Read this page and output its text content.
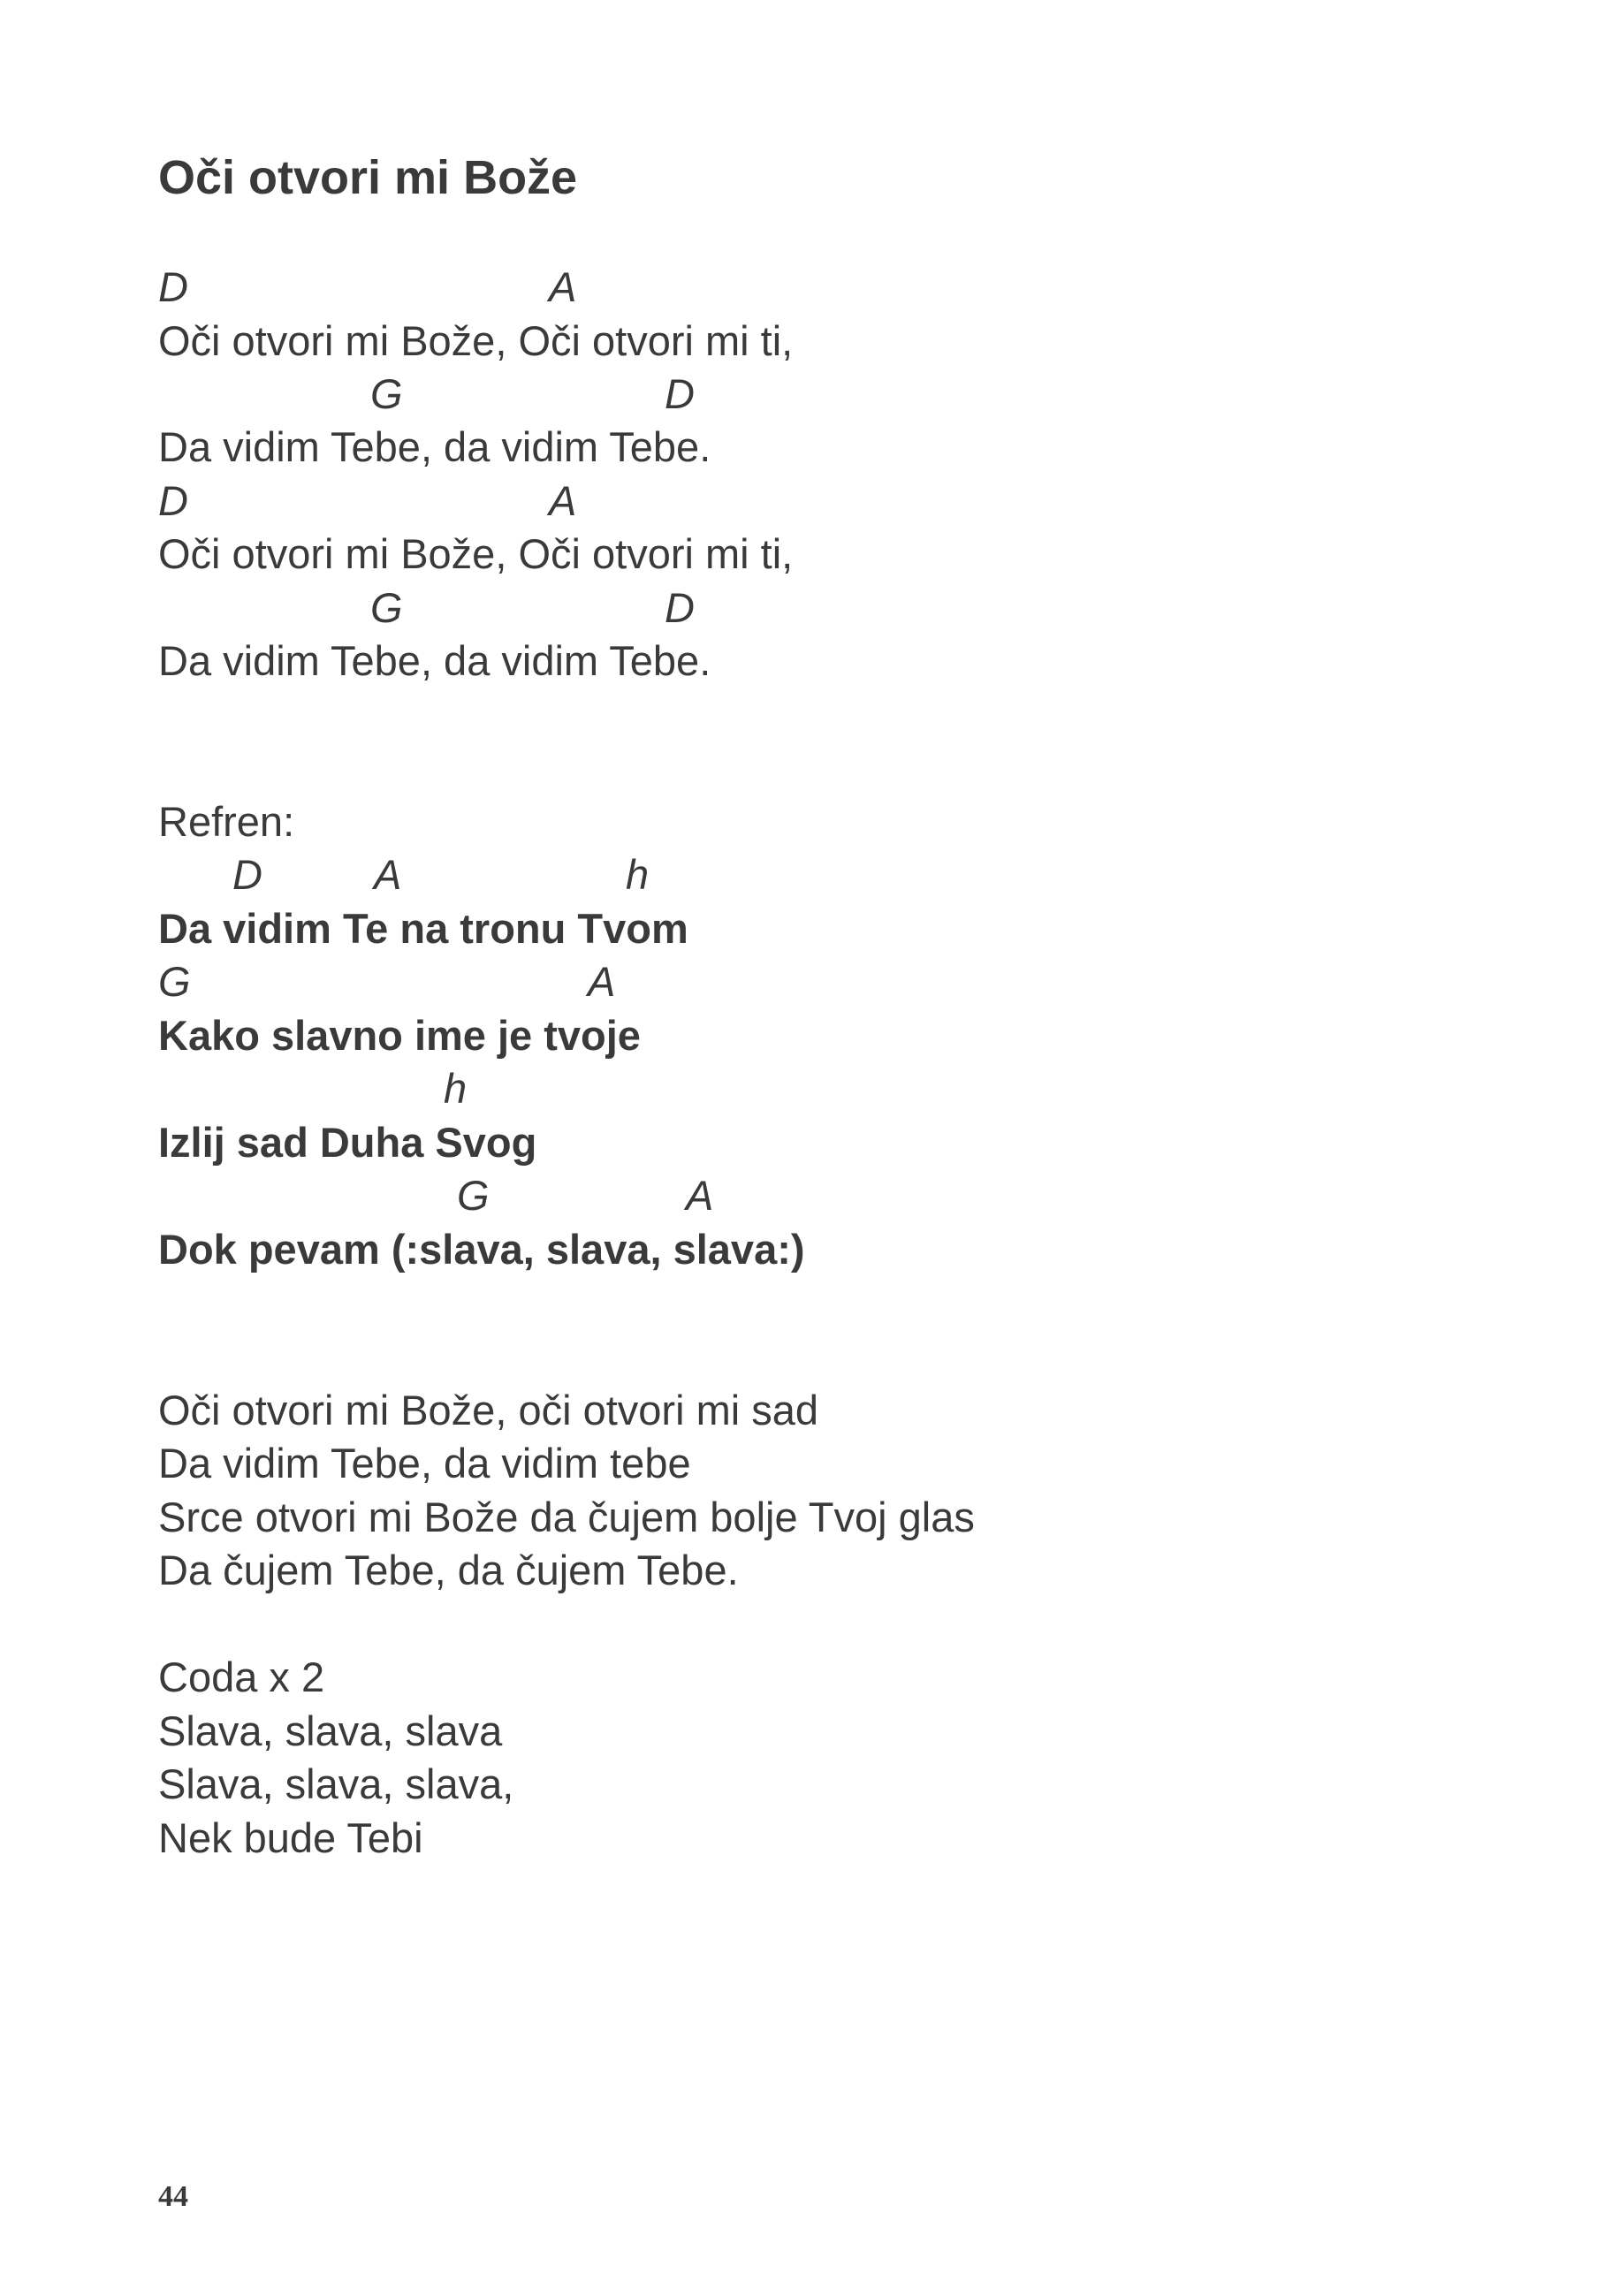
Oči otvori mi Bože
D	A
Oči otvori mi Bože, Oči otvori mi ti,
G	D
Da vidim Tebe, da vidim Tebe.
D	A
Oči otvori mi Bože, Oči otvori mi ti,
G	D
Da vidim Tebe, da vidim Tebe.
Refren:
D	A	h
Da vidim Te na tronu Tvom
G	A
Kako slavno ime je tvoje
h
Izlij sad Duha Svog
G	A
Dok pevam (:slava, slava, slava:)
Oči otvori mi Bože, oči otvori mi sad
Da vidim Tebe, da vidim tebe
Srce otvori mi Bože da čujem bolje Tvoj glas
Da čujem Tebe, da čujem Tebe.
Coda x 2
Slava, slava, slava
Slava, slava, slava,
Nek bude Tebi
44
